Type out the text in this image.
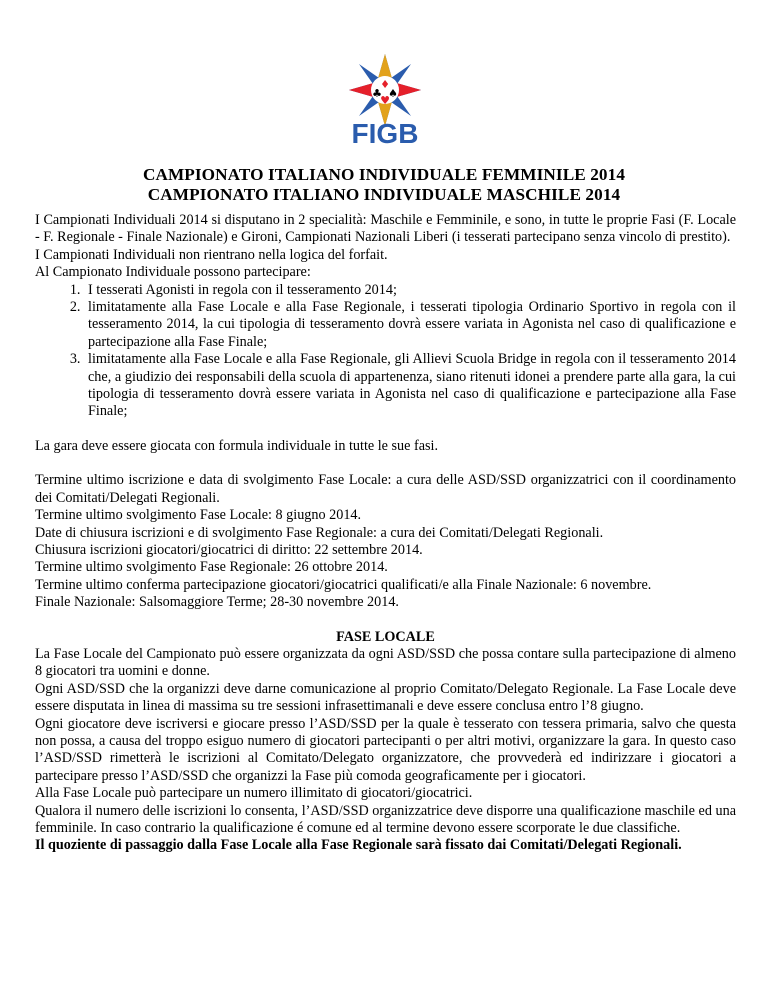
♦
♣ ♠
♥
FIGB
CAMPIONATO ITALIANO INDIVIDUALE FEMMINILE 2014
CAMPIONATO ITALIANO INDIVIDUALE MASCHILE 2014

I Campionati Individuali 2014 si disputano in 2 specialità: Maschile e Femminile, e sono, in tutte le proprie Fasi (F. Locale - F. Regionale - Finale Nazionale) e Gironi, Campionati Nazionali Liberi (i tesserati partecipano senza vincolo di prestito).

I Campionati Individuali non rientrano nella logica del forfait.

Al Campionato Individuale possono partecipare:

1. I tesserati Agonisti in regola con il tesseramento 2014;
2. limitatamente alla Fase Locale e alla Fase Regionale, i tesserati tipologia Ordinario Sportivo in regola con il tesseramento 2014, la cui tipologia di tesseramento dovrà essere variata in Agonista nel caso di qualificazione e partecipazione alla Fase Finale;
3. limitatamente alla Fase Locale e alla Fase Regionale, gli Allievi Scuola Bridge in regola con il tesseramento 2014 che, a giudizio dei responsabili della scuola di appartenenza, siano ritenuti idonei a prendere parte alla gara, la cui tipologia di tesseramento dovrà essere variata in Agonista nel caso di qualificazione e partecipazione alla Fase Finale;

La gara deve essere giocata con formula individuale in tutte le sue fasi.

Termine ultimo iscrizione e data di svolgimento Fase Locale: a cura delle ASD/SSD organizzatrici con il coordinamento dei Comitati/Delegati Regionali.

Termine ultimo svolgimento Fase Locale: 8 giugno 2014.

Date di chiusura iscrizioni e di svolgimento Fase Regionale: a cura dei Comitati/Delegati Regionali.

Chiusura iscrizioni giocatori/giocatrici di diritto: 22 settembre 2014.

Termine ultimo svolgimento Fase Regionale: 26 ottobre 2014.

Termine ultimo conferma partecipazione giocatori/giocatrici qualificati/e alla Finale Nazionale: 6 novembre.

Finale Nazionale: Salsomaggiore Terme; 28-30 novembre 2014.

FASE LOCALE

La Fase Locale del Campionato può essere organizzata da ogni ASD/SSD che possa contare sulla partecipazione di almeno 8 giocatori tra uomini e donne.

Ogni ASD/SSD che la organizzi deve darne comunicazione al proprio Comitato/Delegato Regionale. La Fase Locale deve essere disputata in linea di massima su tre sessioni infrasettimanali e deve essere conclusa entro l’8 giugno.

Ogni giocatore deve iscriversi e giocare presso l’ASD/SSD per la quale è tesserato con tessera primaria, salvo che questa non possa, a causa del troppo esiguo numero di giocatori partecipanti o per altri motivi, organizzare la gara. In questo caso l’ASD/SSD rimetterà le iscrizioni al Comitato/Delegato organizzatore, che provvederà ed indirizzare i giocatori a partecipare presso l’ASD/SSD che organizzi la Fase più comoda geograficamente per i giocatori.

Alla Fase Locale può partecipare un numero illimitato di giocatori/giocatrici.

Qualora il numero delle iscrizioni lo consenta, l’ASD/SSD organizzatrice deve disporre una qualificazione maschile ed una femminile. In caso contrario la qualificazione é comune ed al termine devono essere scorporate le due classifiche.

Il quoziente di passaggio dalla Fase Locale alla Fase Regionale sarà fissato dai Comitati/Delegati Regionali.
